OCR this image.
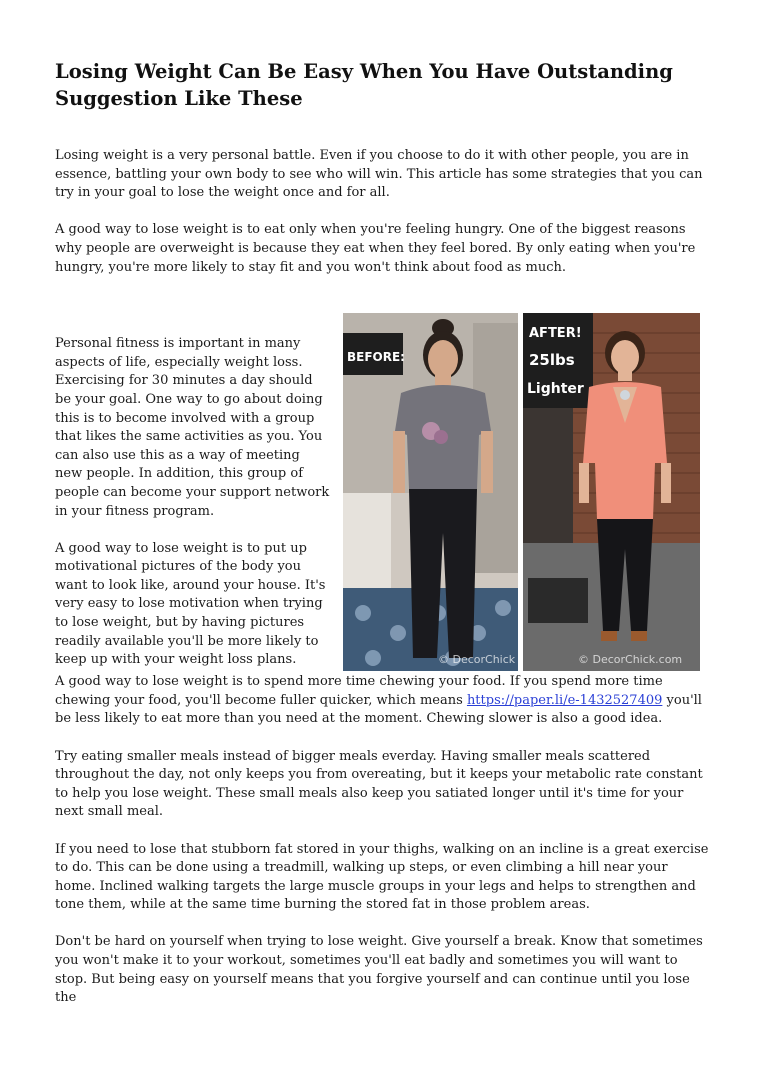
Losing Weight Can Be Easy When You Have Outstanding Suggestion Like These

Losing weight is a very personal battle. Even if you choose to do it with other people, you are in essence, battling your own body to see who will win. This article has some strategies that you can try in your goal to lose the weight once and for all.

A good way to lose weight is to eat only when you're feeling hungry. One of the biggest reasons why people are overweight is because they eat when they feel bored. By only eating when you're hungry, you're more likely to stay fit and you won't think about food as much.

Personal fitness is important in many aspects of life, especially weight loss. Exercising for 30 minutes a day should be your goal. One way to go about doing this is to become involved with a group that likes the same activities as you. You can also use this as a way of meeting new people. In addition, this group of people can become your support network in your fitness program.

A good way to lose weight is to put up motivational pictures of the body you want to look like, around your house. It's very easy to lose motivation when trying to lose weight, but by having pictures readily available you'll be more likely to keep up with your weight loss plans.

BEFORE:
© DecorChick
AFTER!
25lbs
Lighter
© DecorChick.com

A good way to lose weight is to spend more time chewing your food. If you spend more time chewing your food, you'll become fuller quicker, which means https://paper.li/e-1432527409 you'll be less likely to eat more than you need at the moment. Chewing slower is also a good idea.

Try eating smaller meals instead of bigger meals everday. Having smaller meals scattered throughout the day, not only keeps you from overeating, but it keeps your metabolic rate constant to help you lose weight. These small meals also keep you satiated longer until it's time for your next small meal.

If you need to lose that stubborn fat stored in your thighs, walking on an incline is a great exercise to do. This can be done using a treadmill, walking up steps, or even climbing a hill near your home. Inclined walking targets the large muscle groups in your legs and helps to strengthen and tone them, while at the same time burning the stored fat in those problem areas.

Don't be hard on yourself when trying to lose weight. Give yourself a break. Know that sometimes you won't make it to your workout, sometimes you'll eat badly and sometimes you will want to stop. But being easy on yourself means that you forgive yourself and can continue until you lose the
